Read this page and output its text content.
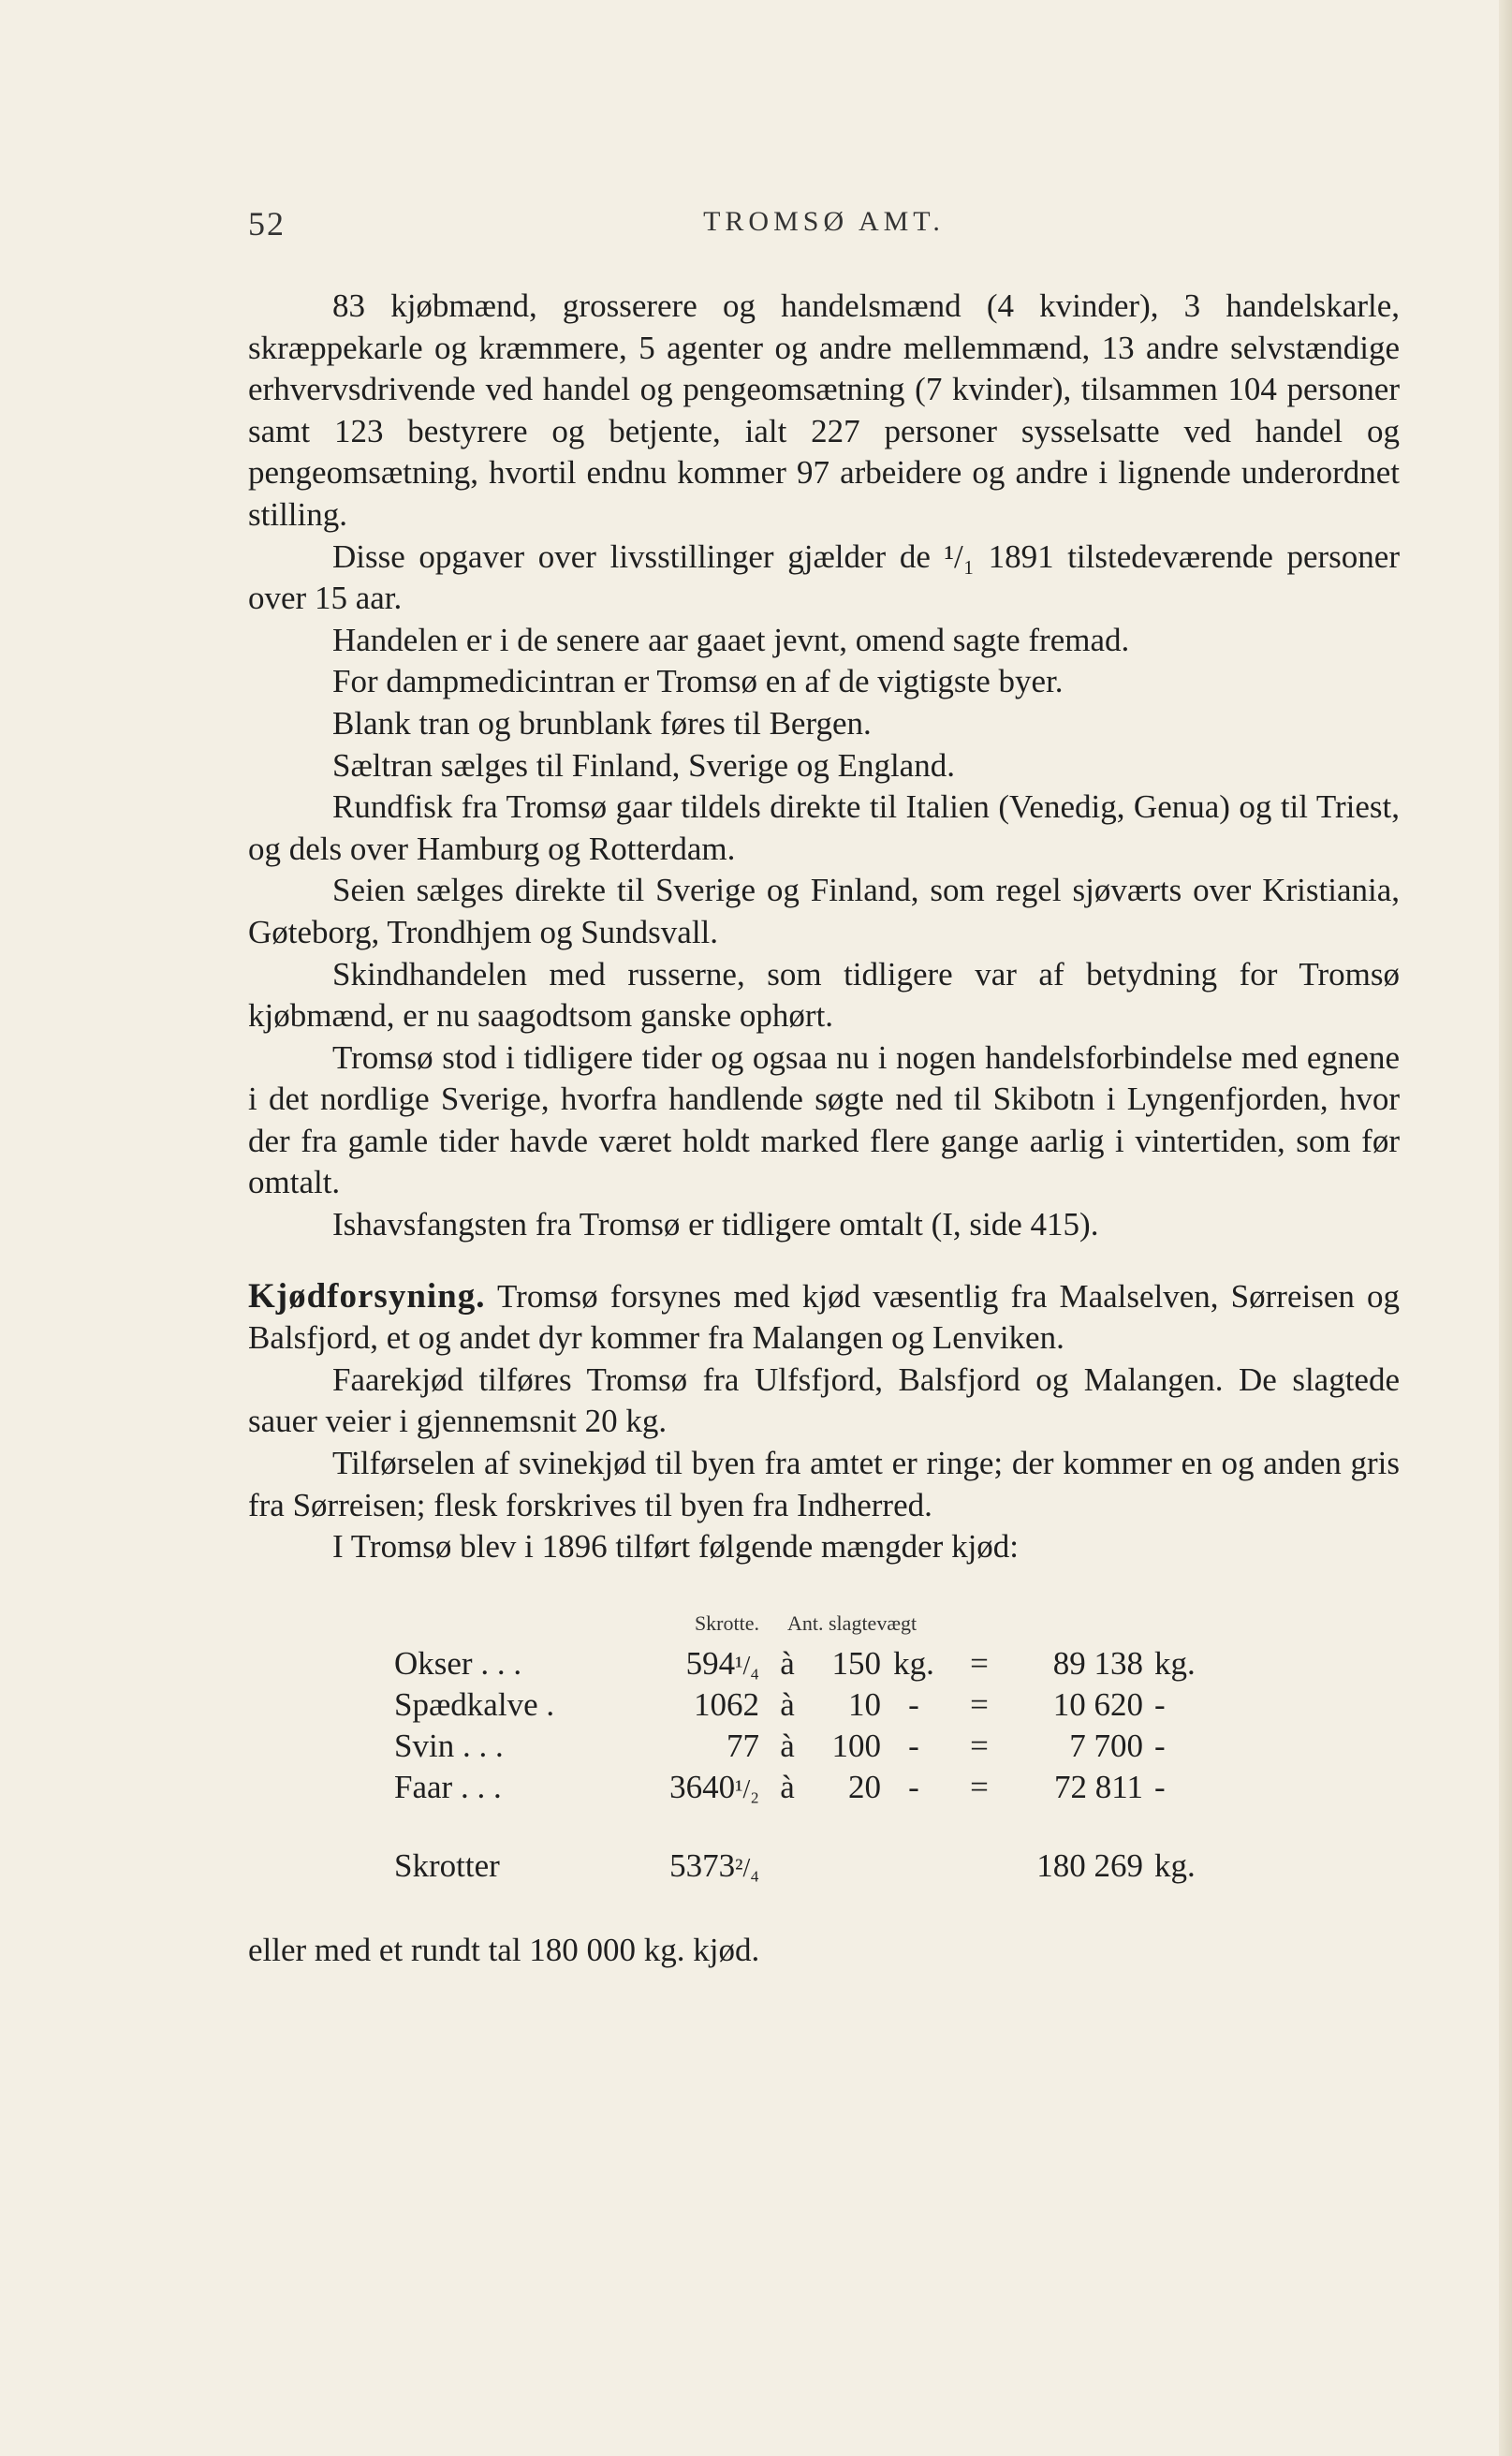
52	TROMSØ AMT.

83 kjøbmænd, grosserere og handelsmænd (4 kvinder), 3 handelskarle, skræppekarle og kræmmere, 5 agenter og andre mellemmænd, 13 andre selvstændige erhvervsdrivende ved handel og pengeomsætning (7 kvinder), tilsammen 104 personer samt 123 bestyrere og betjente, ialt 227 personer sysselsatte ved handel og pengeomsætning, hvortil endnu kommer 97 arbeidere og andre i lignende underordnet stilling.

Disse opgaver over livsstillinger gjælder de ¹/₁ 1891 tilstedeværende personer over 15 aar.

Handelen er i de senere aar gaaet jevnt, omend sagte fremad.

For dampmedicintran er Tromsø en af de vigtigste byer.

Blank tran og brunblank føres til Bergen.

Sæltran sælges til Finland, Sverige og England.

Rundfisk fra Tromsø gaar tildels direkte til Italien (Venedig, Genua) og til Triest, og dels over Hamburg og Rotterdam.

Seien sælges direkte til Sverige og Finland, som regel sjøværts over Kristiania, Gøteborg, Trondhjem og Sundsvall.

Skindhandelen med russerne, som tidligere var af betydning for Tromsø kjøbmænd, er nu saagodtsom ganske ophørt.

Tromsø stod i tidligere tider og ogsaa nu i nogen handelsforbindelse med egnene i det nordlige Sverige, hvorfra handlende søgte ned til Skibotn i Lyngenfjorden, hvor der fra gamle tider havde været holdt marked flere gange aarlig i vintertiden, som før omtalt.

Ishavsfangsten fra Tromsø er tidligere omtalt (I, side 415).

Kjødforsyning. Tromsø forsynes med kjød væsentlig fra Maalselven, Sørreisen og Balsfjord, et og andet dyr kommer fra Malangen og Lenviken.

Faarekjød tilføres Tromsø fra Ulfsfjord, Balsfjord og Malangen. De slagtede sauer veier i gjennemsnit 20 kg.

Tilførselen af svinekjød til byen fra amtet er ringe; der kommer en og anden gris fra Sørreisen; flesk forskrives til byen fra Indherred.

I Tromsø blev i 1896 tilført følgende mængder kjød:

	Skrotte.	Ant. slagtevægt					
Okser . . .	594¹/₄	à	150	kg.	=	89 138	kg.
Spædkalve .	1062	à	10	-	=	10 620	-
Svin . . .	77	à	100	-	=	7 700	-
Faar . . .	3640¹/₂	à	20	-	=	72 811	-

Skrotter	5373²/₄					180 269	kg.

eller med et rundt tal 180 000 kg. kjød.
